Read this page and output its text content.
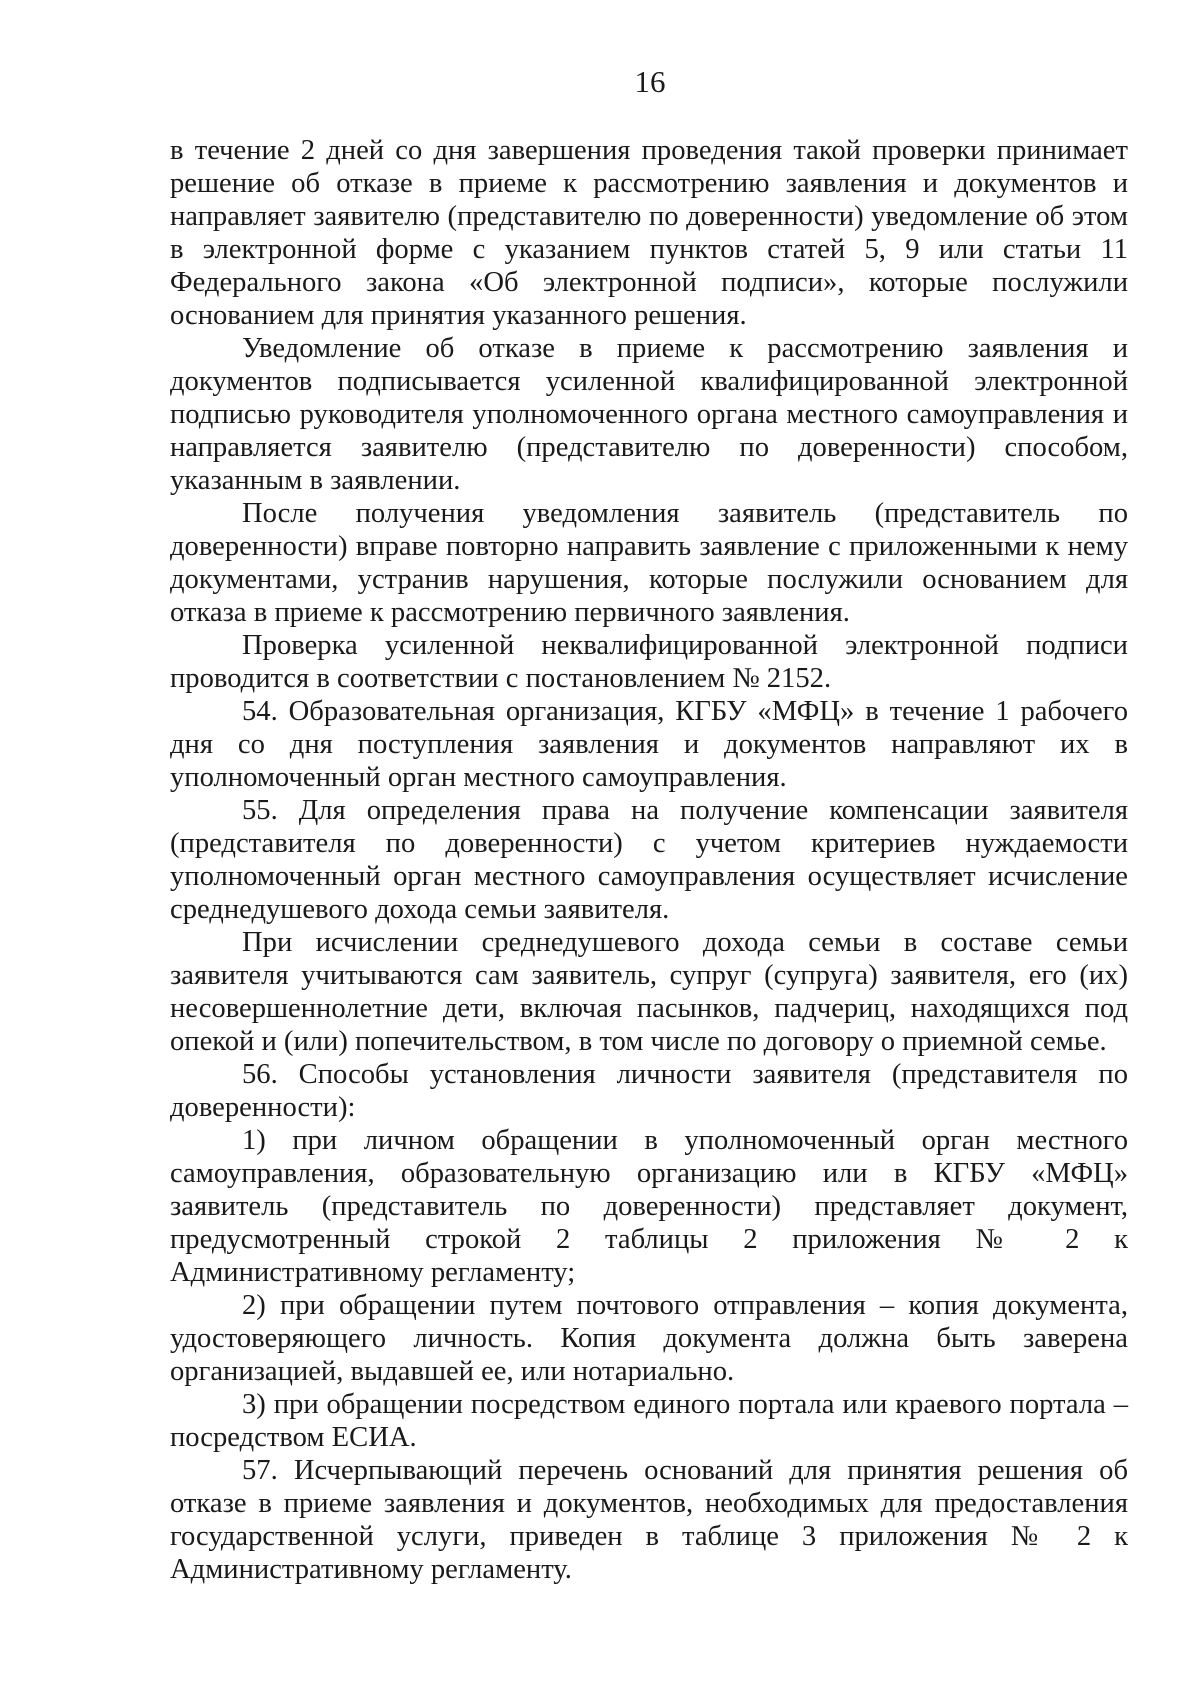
16

в течение 2 дней со дня завершения проведения такой проверки принимает решение об отказе в приеме к рассмотрению заявления и документов и направляет заявителю (представителю по доверенности) уведомление об этом в электронной форме с указанием пунктов статей 5, 9 или статьи 11 Федерального закона «Об электронной подписи», которые послужили основанием для принятия указанного решения.

Уведомление об отказе в приеме к рассмотрению заявления и документов подписывается усиленной квалифицированной электронной подписью руководителя уполномоченного органа местного самоуправления и направляется заявителю (представителю по доверенности) способом, указанным в заявлении.

После получения уведомления заявитель (представитель по доверенности) вправе повторно направить заявление с приложенными к нему документами, устранив нарушения, которые послужили основанием для отказа в приеме к рассмотрению первичного заявления.

Проверка усиленной неквалифицированной электронной подписи проводится в соответствии с постановлением № 2152.

54. Образовательная организация, КГБУ «МФЦ» в течение 1 рабочего дня со дня поступления заявления и документов направляют их в уполномоченный орган местного самоуправления.

55. Для определения права на получение компенсации заявителя (представителя по доверенности) с учетом критериев нуждаемости уполномоченный орган местного самоуправления осуществляет исчисление среднедушевого дохода семьи заявителя.

При исчислении среднедушевого дохода семьи в составе семьи заявителя учитываются сам заявитель, супруг (супруга) заявителя, его (их) несовершеннолетние дети, включая пасынков, падчериц, находящихся под опекой и (или) попечительством, в том числе по договору о приемной семье.

56. Способы установления личности заявителя (представителя по доверенности):

1) при личном обращении в уполномоченный орган местного самоуправления, образовательную организацию или в КГБУ «МФЦ» заявитель (представитель по доверенности) представляет документ, предусмотренный строкой 2 таблицы 2 приложения № 2 к Административному регламенту;

2) при обращении путем почтового отправления – копия документа, удостоверяющего личность. Копия документа должна быть заверена организацией, выдавшей ее, или нотариально.

3) при обращении посредством единого портала или краевого портала – посредством ЕСИА.

57. Исчерпывающий перечень оснований для принятия решения об отказе в приеме заявления и документов, необходимых для предоставления государственной услуги, приведен в таблице 3 приложения № 2 к Административному регламенту.
